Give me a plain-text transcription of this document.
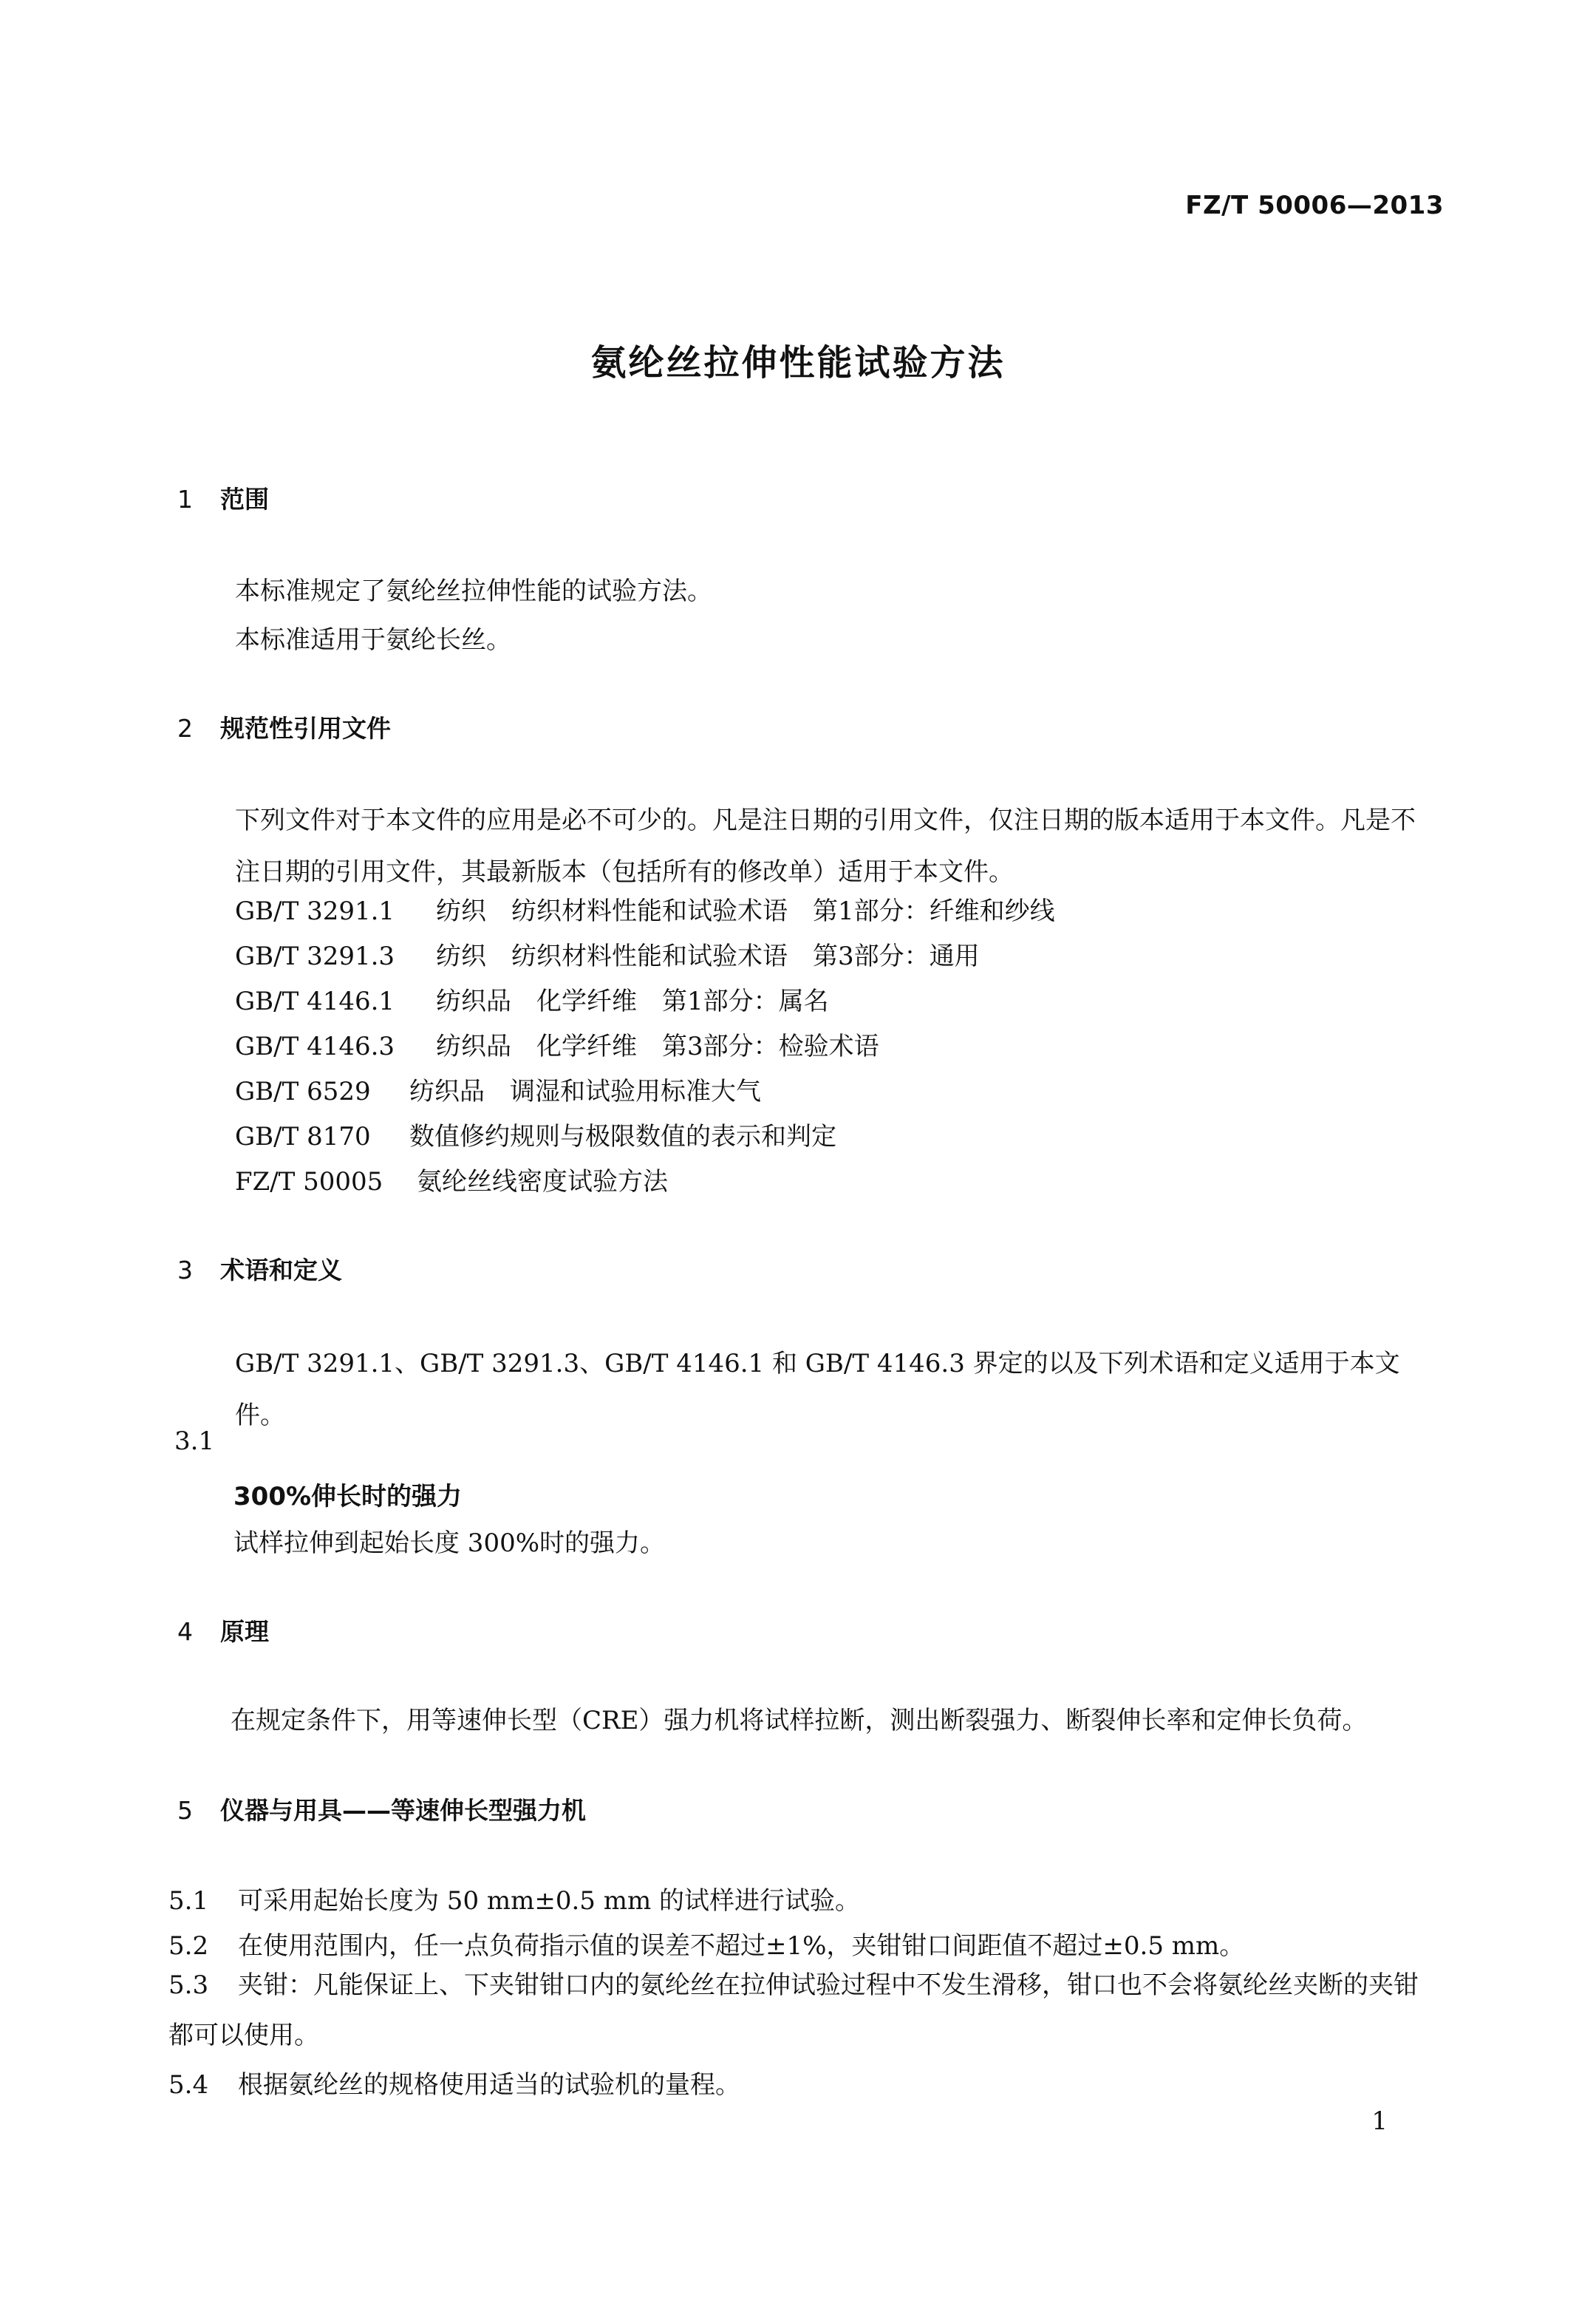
FZ/T 50006—2013
氨纶丝拉伸性能试验方法
1 范围
本标准规定了氨纶丝拉伸性能的试验方法。
本标准适用于氨纶长丝。
2 规范性引用文件
下列文件对于本文件的应用是必不可少的。凡是注日期的引用文件，仅注日期的版本适用于本文件。凡是不注日期的引用文件，其最新版本（包括所有的修改单）适用于本文件。
GB/T 3291.1 纺织　纺织材料性能和试验术语　第1部分：纤维和纱线
GB/T 3291.3 纺织　纺织材料性能和试验术语　第3部分：通用
GB/T 4146.1 纺织品　化学纤维　第1部分：属名
GB/T 4146.3 纺织品　化学纤维　第3部分：检验术语
GB/T 6529 纺织品　调湿和试验用标准大气
GB/T 8170 数值修约规则与极限数值的表示和判定
FZ/T 50005 氨纶丝线密度试验方法
3 术语和定义
GB/T 3291.1、GB/T 3291.3、GB/T 4146.1 和 GB/T 4146.3 界定的以及下列术语和定义适用于本文件。
3.1
300%伸长时的强力
试样拉伸到起始长度 300%时的强力。
4 原理
在规定条件下，用等速伸长型（CRE）强力机将试样拉断，测出断裂强力、断裂伸长率和定伸长负荷。
5 仪器与用具——等速伸长型强力机
5.1 可采用起始长度为 50 mm±0.5 mm 的试样进行试验。
5.2 在使用范围内，任一点负荷指示值的误差不超过±1%，夹钳钳口间距值不超过±0.5 mm。
5.3 夹钳：凡能保证上、下夹钳钳口内的氨纶丝在拉伸试验过程中不发生滑移，钳口也不会将氨纶丝夹断的夹钳都可以使用。
5.4 根据氨纶丝的规格使用适当的试验机的量程。
1
